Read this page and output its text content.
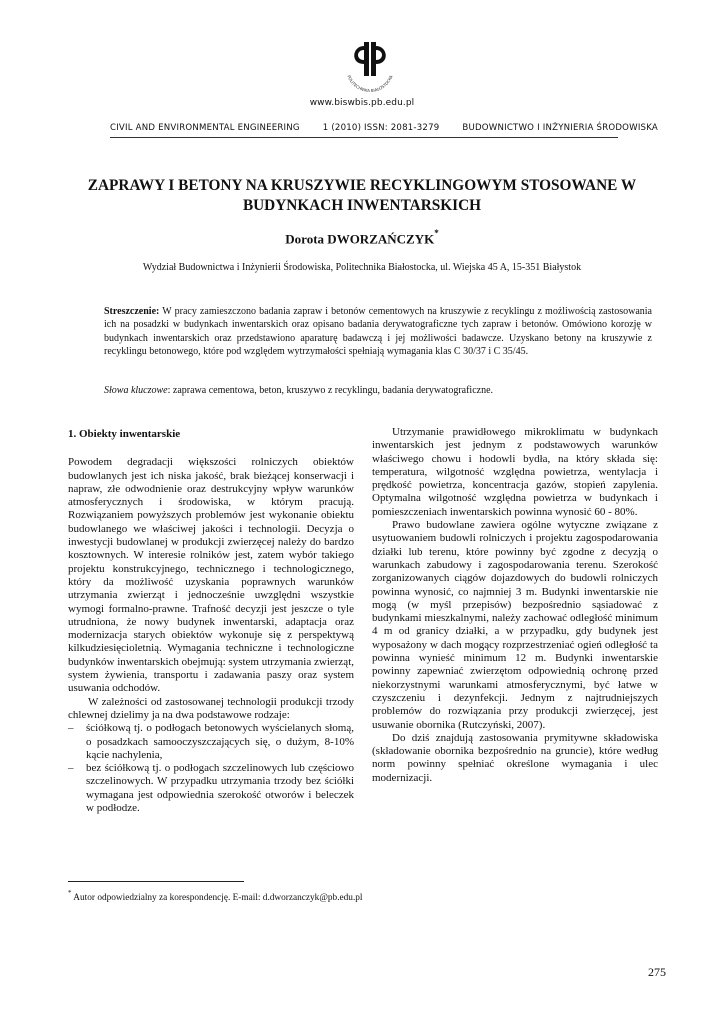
POLITECHNIKA BIAŁOSTOCKA
www.biswbis.pb.edu.pl
CIVIL AND ENVIRONMENTAL ENGINEERING	1 (2010) ISSN: 2081-3279	BUDOWNICTWO I INŻYNIERIA ŚRODOWISKA
ZAPRAWY I BETONY NA KRUSZYWIE RECYKLINGOWYM STOSOWANE W BUDYNKACH INWENTARSKICH
Dorota DWORZAŃCZYK*
Wydział Budownictwa i Inżynierii Środowiska, Politechnika Białostocka, ul. Wiejska 45 A, 15-351 Białystok

Streszczenie: W pracy zamieszczono badania zapraw i betonów cementowych na kruszywie z recyklingu z możliwością zastosowania ich na posadzki w budynkach inwentarskich oraz opisano badania derywatograficzne tych zapraw i betonów. Omówiono korozję w budynkach inwentarskich oraz przedstawiono aparaturę badawczą i jej możliwości badawcze. Uzyskano betony na kruszywie z recyklingu betonowego, które pod względem wytrzymałości spełniają wymagania klas C 30/37 i C 35/45.

Słowa kluczowe: zaprawa cementowa, beton, kruszywo z recyklingu, badania derywatograficzne.

1. Obiekty inwentarskie

Powodem degradacji większości rolniczych obiektów budowlanych jest ich niska jakość, brak bieżącej konserwacji i napraw, złe odwodnienie oraz destrukcyjny wpływ warunków atmosferycznych i środowiska, w którym pracują. Rozwiązaniem powyższych problemów jest wykonanie obiektu budowlanego we właściwej jakości i technologii. Decyzja o inwestycji budowlanej w produkcji zwierzęcej należy do bardzo kosztownych. W interesie rolników jest, zatem wybór takiego projektu konstrukcyjnego, technicznego i technologicznego, który da możliwość uzyskania poprawnych warunków utrzymania zwierząt i jednocześnie uwzględni wszystkie wymogi formalno-prawne. Trafność decyzji jest jeszcze o tyle utrudniona, że nowy budynek inwentarski, adaptacja oraz modernizacja starych obiektów wykonuje się z perspektywą kilkudziesięcioletnią. Wymagania techniczne i technologiczne budynków inwentarskich obejmują: system utrzymania zwierząt, system żywienia, transportu i zadawania paszy oraz system usuwania odchodów.

W zależności od zastosowanej technologii produkcji trzody chlewnej dzielimy ja na dwa podstawowe rodzaje:

–	ściółkową tj. o podłogach betonowych wyścielanych słomą, o posadzkach samooczyszczających się, o dużym, 8-10% kącie nachylenia,
–	bez ściółkową tj. o podłogach szczelinowych lub częściowo szczelinowych. W przypadku utrzymania trzody bez ściółki wymagana jest odpowiednia szerokość otworów i beleczek w podłodze.

Utrzymanie prawidłowego mikroklimatu w budynkach inwentarskich jest jednym z podstawowych warunków właściwego chowu i hodowli bydła, na który składa się: temperatura, wilgotność względna powietrza, wentylacja i prędkość powietrza, koncentracja gazów, stopień zapylenia. Optymalna wilgotność względna powietrza w budynkach i pomieszczeniach inwentarskich powinna wynosić 60 - 80%.

Prawo budowlane zawiera ogólne wytyczne związane z usytuowaniem budowli rolniczych i projektu zagospodarowania działki lub terenu, które powinny być zgodne z decyzją o warunkach zabudowy i zagospodarowania terenu. Szerokość zorganizowanych ciągów dojazdowych do budowli rolniczych powinna wynosić, co najmniej 3 m. Budynki inwentarskie nie mogą (w myśl przepisów) bezpośrednio sąsiadować z budynkami mieszkalnymi, należy zachować odległość minimum 4 m od granicy działki, a w przypadku, gdy budynek jest wyposażony w dach mogący rozprzestrzeniać ogień odległość ta powinna wynieść minimum 12 m. Budynki inwentarskie powinny zapewniać zwierzętom odpowiednią ochronę przed niekorzystnymi warunkami atmosferycznymi, być łatwe w czyszczeniu i dezynfekcji. Jednym z najtrudniejszych problemów do rozwiązania przy produkcji zwierzęcej, jest usuwanie obornika (Rutczyński, 2007).

Do dziś znajdują zastosowania prymitywne składowiska (składowanie obornika bezpośrednio na gruncie), które według norm powinny spełniać określone wymagania i ulec modernizacji.

* Autor odpowiedzialny za korespondencję. E-mail: d.dworzanczyk@pb.edu.pl
275
